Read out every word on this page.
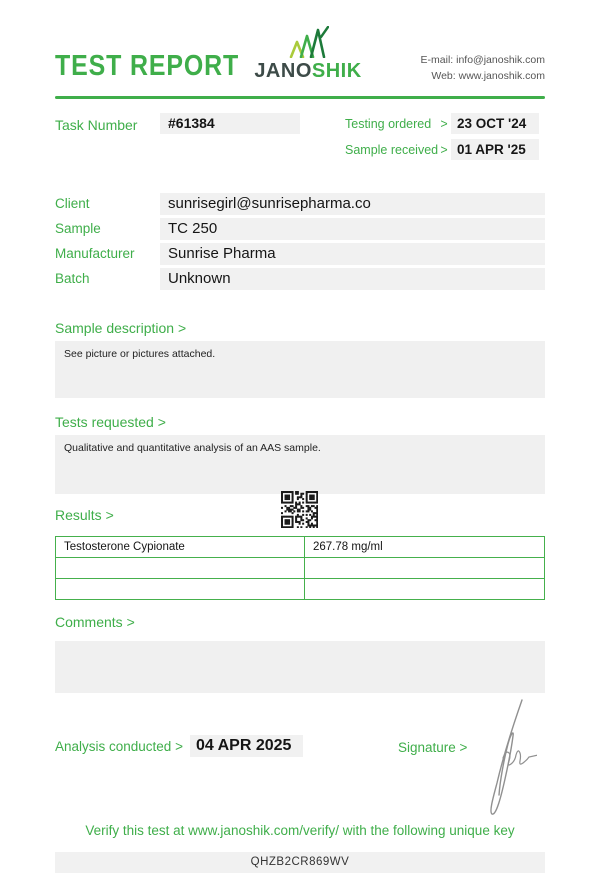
TEST REPORT JANOSHIK	E-mail: info@janoshik.com
Web: www.janoshik.com
Task Number	#61384	Testing ordered > 23 OCT '24
Sample received > 01 APR '25
Client	sunrisegirl@sunrisepharma.co
Sample	TC 250
Manufacturer	Sunrise Pharma
Batch	Unknown
Sample description >
See picture or pictures attached.
Tests requested >
Qualitative and quantitative analysis of an AAS sample.
Results >
Testosterone Cypionate	267.78 mg/ml

Comments >
Analysis conducted > 04 APR 2025	Signature >
Verify this test at www.janoshik.com/verify/ with the following unique key
QHZB2CR869WV
